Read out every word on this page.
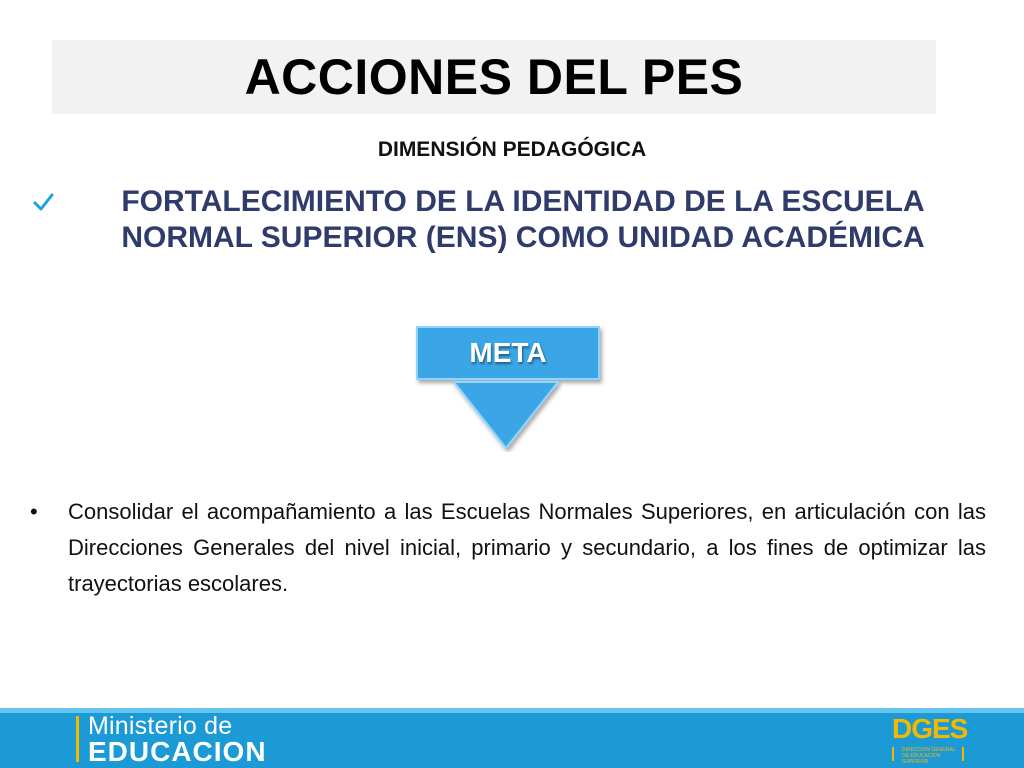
ACCIONES DEL PES
DIMENSIÓN PEDAGÓGICA
FORTALECIMIENTO DE LA IDENTIDAD DE LA ESCUELA NORMAL SUPERIOR (ENS) COMO UNIDAD ACADÉMICA
META
•	Consolidar el acompañamiento a las Escuelas Normales Superiores, en articulación con las Direcciones Generales del nivel inicial, primario y secundario, a los fines de optimizar las trayectorias escolares.
Ministerio de
EDUCACION
DGES
DIRECCION GENERAL DE EDUCACION SUPERIOR
